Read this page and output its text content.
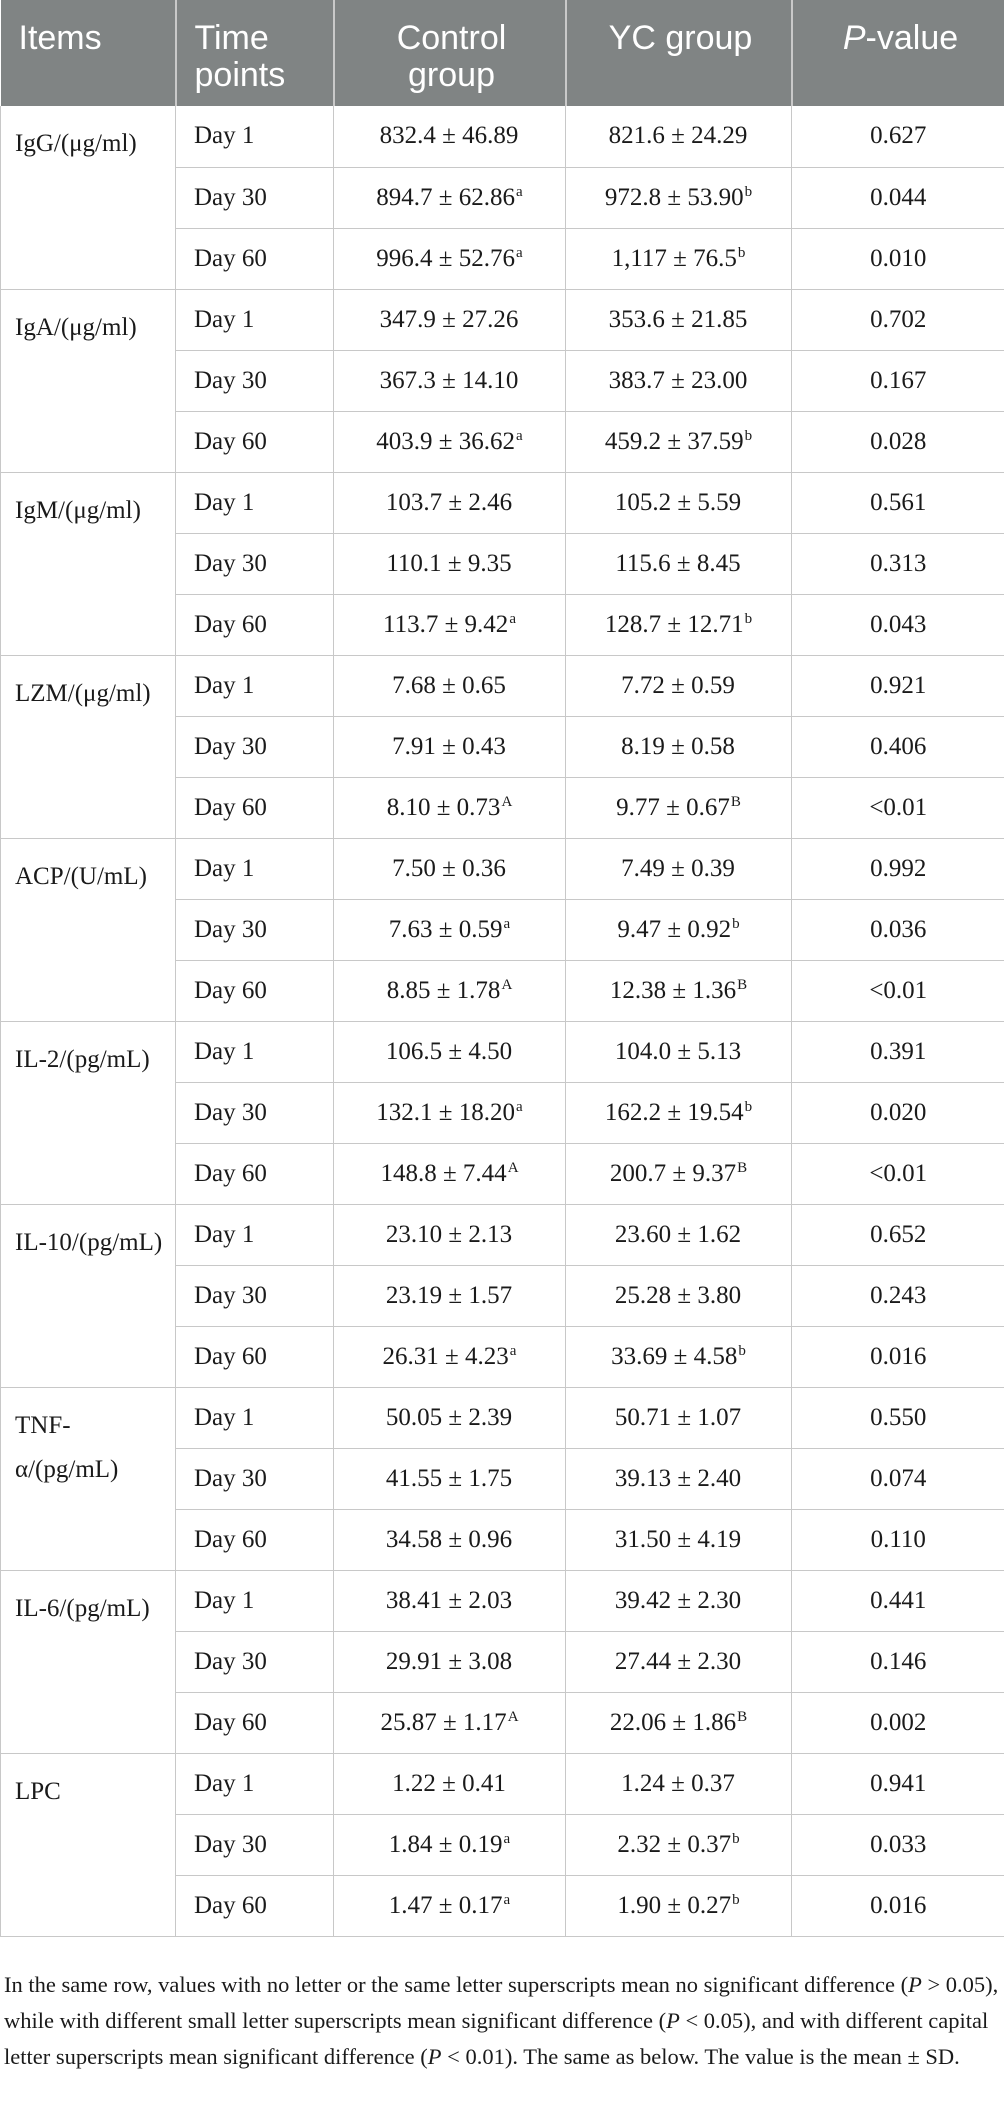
Items	Time points	Control group	YC group	P-value
IgG/(μg/ml)	Day 1	832.4 ± 46.89	821.6 ± 24.29	0.627
	Day 30	894.7 ± 62.86$^a$	972.8 ± 53.90$^b$	0.044
	Day 60	996.4 ± 52.76$^a$	1,117 ± 76.5$^b$	0.010
IgA/(μg/ml)	Day 1	347.9 ± 27.26	353.6 ± 21.85	0.702
	Day 30	367.3 ± 14.10	383.7 ± 23.00	0.167
	Day 60	403.9 ± 36.62$^a$	459.2 ± 37.59$^b$	0.028
IgM/(μg/ml)	Day 1	103.7 ± 2.46	105.2 ± 5.59	0.561
	Day 30	110.1 ± 9.35	115.6 ± 8.45	0.313
	Day 60	113.7 ± 9.42$^a$	128.7 ± 12.71$^b$	0.043
LZM/(μg/ml)	Day 1	7.68 ± 0.65	7.72 ± 0.59	0.921
	Day 30	7.91 ± 0.43	8.19 ± 0.58	0.406
	Day 60	$8.10 \pm 0.73^A$	$9.77 \pm 0.67^B$	<0.01
ACP/(U/mL)	Day 1	7.50 ± 0.36	7.49 ± 0.39	0.992
	Day 30	7.63 ± 0.59$^a$	9.47 ± 0.92$^b$	0.036
	Day 60	$8.85 \pm 1.78^A$	$12.38 \pm 1.36^B$	<0.01
IL-2/(pg/mL)	Day 1	106.5 ± 4.50	104.0 ± 5.13	0.391
	Day 30	132.1 ± 18.20$^a$	162.2 ± 19.54$^b$	0.020
	Day 60	$148.8 \pm 7.44^A$	$200.7 \pm 9.37^B$	<0.01
IL-10/(pg/mL)	Day 1	23.10 ± 2.13	23.60 ± 1.62	0.652
	Day 30	23.19 ± 1.57	25.28 ± 3.80	0.243
	Day 60	26.31 ± 4.23$^a$	33.69 ± 4.58$^b$	0.016
TNF-α/(pg/mL)	Day 1	50.05 ± 2.39	50.71 ± 1.07	0.550
	Day 30	41.55 ± 1.75	39.13 ± 2.40	0.074
	Day 60	34.58 ± 0.96	31.50 ± 4.19	0.110
IL-6/(pg/mL)	Day 1	38.41 ± 2.03	39.42 ± 2.30	0.441
	Day 30	29.91 ± 3.08	27.44 ± 2.30	0.146
	Day 60	$25.87 \pm 1.17^A$	$22.06 \pm 1.86^B$	0.002
LPC	Day 1	1.22 ± 0.41	1.24 ± 0.37	0.941
	Day 30	1.84 ± 0.19$^a$	2.32 ± 0.37$^b$	0.033
	Day 60	1.47 ± 0.17$^a$	1.90 ± 0.27$^b$	0.016
In the same row, values with no letter or the same letter superscripts mean no significant difference (P > 0.05), while with different small letter superscripts mean significant difference (P < 0.05), and with different capital letter superscripts mean significant difference (P < 0.01). The same as below. The value is the mean ± SD.
